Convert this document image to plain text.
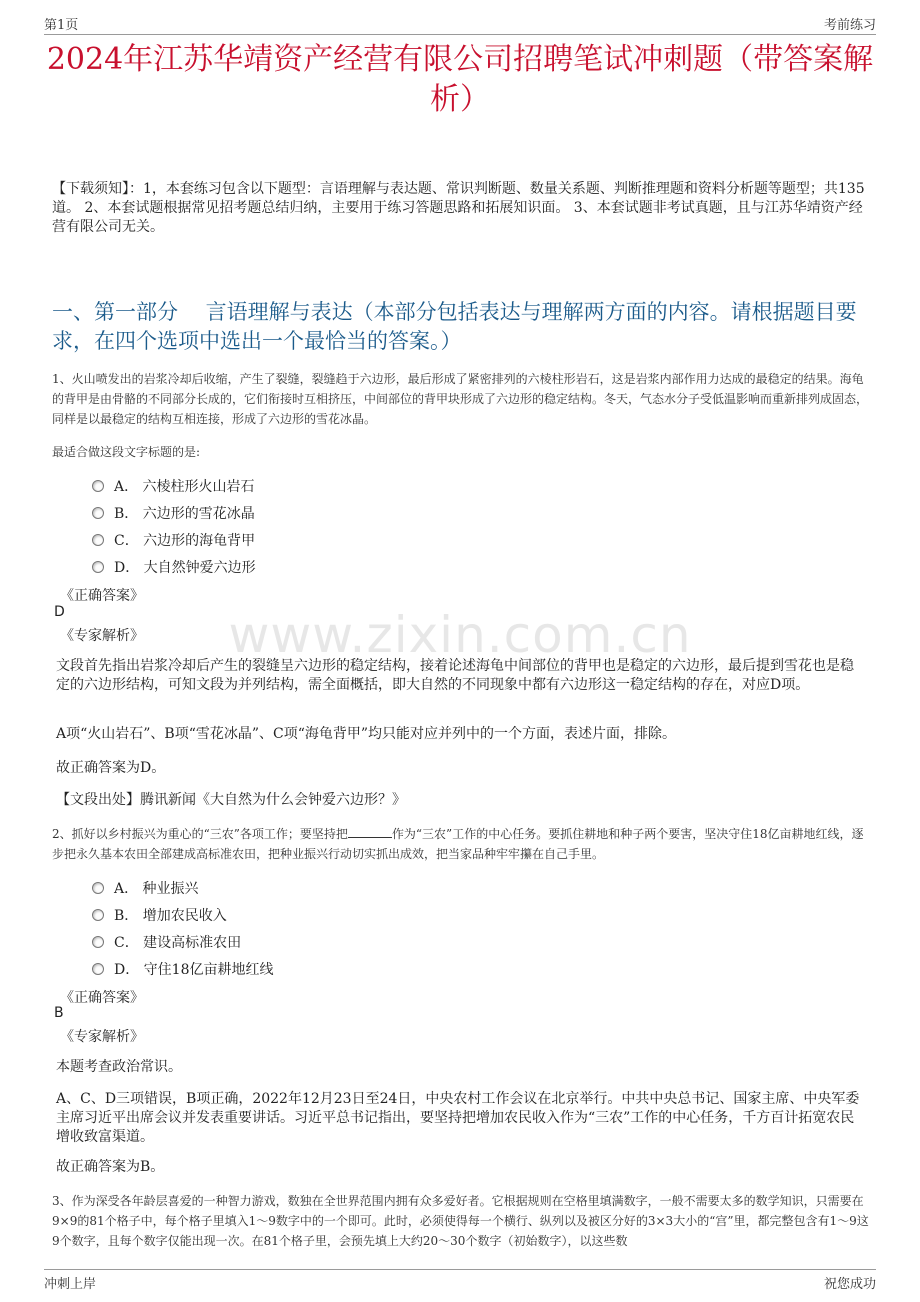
第1页	考前练习
2024年江苏华靖资产经营有限公司招聘笔试冲刺题（带答案解析）
【下载须知】：1，本套练习包含以下题型：言语理解与表达题、常识判断题、数量关系题、判断推理题和资料分析题等题型；共135道。 2、本套试题根据常见招考题总结归纳，主要用于练习答题思路和拓展知识面。 3、本套试题非考试真题，且与江苏华靖资产经营有限公司无关。
一、第一部分　 言语理解与表达（本部分包括表达与理解两方面的内容。请根据题目要求，在四个选项中选出一个最恰当的答案。）
1、火山喷发出的岩浆冷却后收缩，产生了裂缝，裂缝趋于六边形，最后形成了紧密排列的六棱柱形岩石，这是岩浆内部作用力达成的最稳定的结果。海龟的背甲是由骨骼的不同部分长成的，它们衔接时互相挤压，中间部位的背甲块形成了六边形的稳定结构。冬天，气态水分子受低温影响而重新排列成固态，同样是以最稳定的结构互相连接，形成了六边形的雪花冰晶。
最适合做这段文字标题的是:
A． 六棱柱形火山岩石
B． 六边形的雪花冰晶
C． 六边形的海龟背甲
D． 大自然钟爱六边形
《正确答案》
D
《专家解析》	www.zixin.com.cn
文段首先指出岩浆冷却后产生的裂缝呈六边形的稳定结构，接着论述海龟中间部位的背甲也是稳定的六边形，最后提到雪花也是稳定的六边形结构，可知文段为并列结构，需全面概括，即大自然的不同现象中都有六边形这一稳定结构的存在，对应D项。
A项“火山岩石”、B项“雪花冰晶”、C项“海龟背甲”均只能对应并列中的一个方面，表述片面，排除。
故正确答案为D。
【文段出处】腾讯新闻《大自然为什么会钟爱六边形？》
2、抓好以乡村振兴为重心的“三农”各项工作；要坚持把	作为“三农”工作的中心任务。要抓住耕地和种子两个要害，坚决守住18亿亩耕地红线，逐步把永久基本农田全部建成高标准农田，把种业振兴行动切实抓出成效，把当家品种牢牢攥在自己手里。
A． 种业振兴
B． 增加农民收入
C． 建设高标准农田
D． 守住18亿亩耕地红线
《正确答案》
B
《专家解析》
本题考查政治常识。
A、C、D三项错误，B项正确，2022年12月23日至24日，中央农村工作会议在北京举行。中共中央总书记、国家主席、中央军委主席习近平出席会议并发表重要讲话。习近平总书记指出，要坚持把增加农民收入作为“三农”工作的中心任务，千方百计拓宽农民增收致富渠道。
故正确答案为B。
3、作为深受各年龄层喜爱的一种智力游戏，数独在全世界范围内拥有众多爱好者。它根据规则在空格里填满数字，一般不需要太多的数学知识，只需要在9×9的81个格子中，每个格子里填入1～9数字中的一个即可。此时，必须使得每一个横行、纵列以及被区分好的3×3大小的“宫”里，都完整包含有1～9这9个数字，且每个数字仅能出现一次。在81个格子里，会预先填上大约20～30个数字（初始数字），以这些数
冲刺上岸	祝您成功
